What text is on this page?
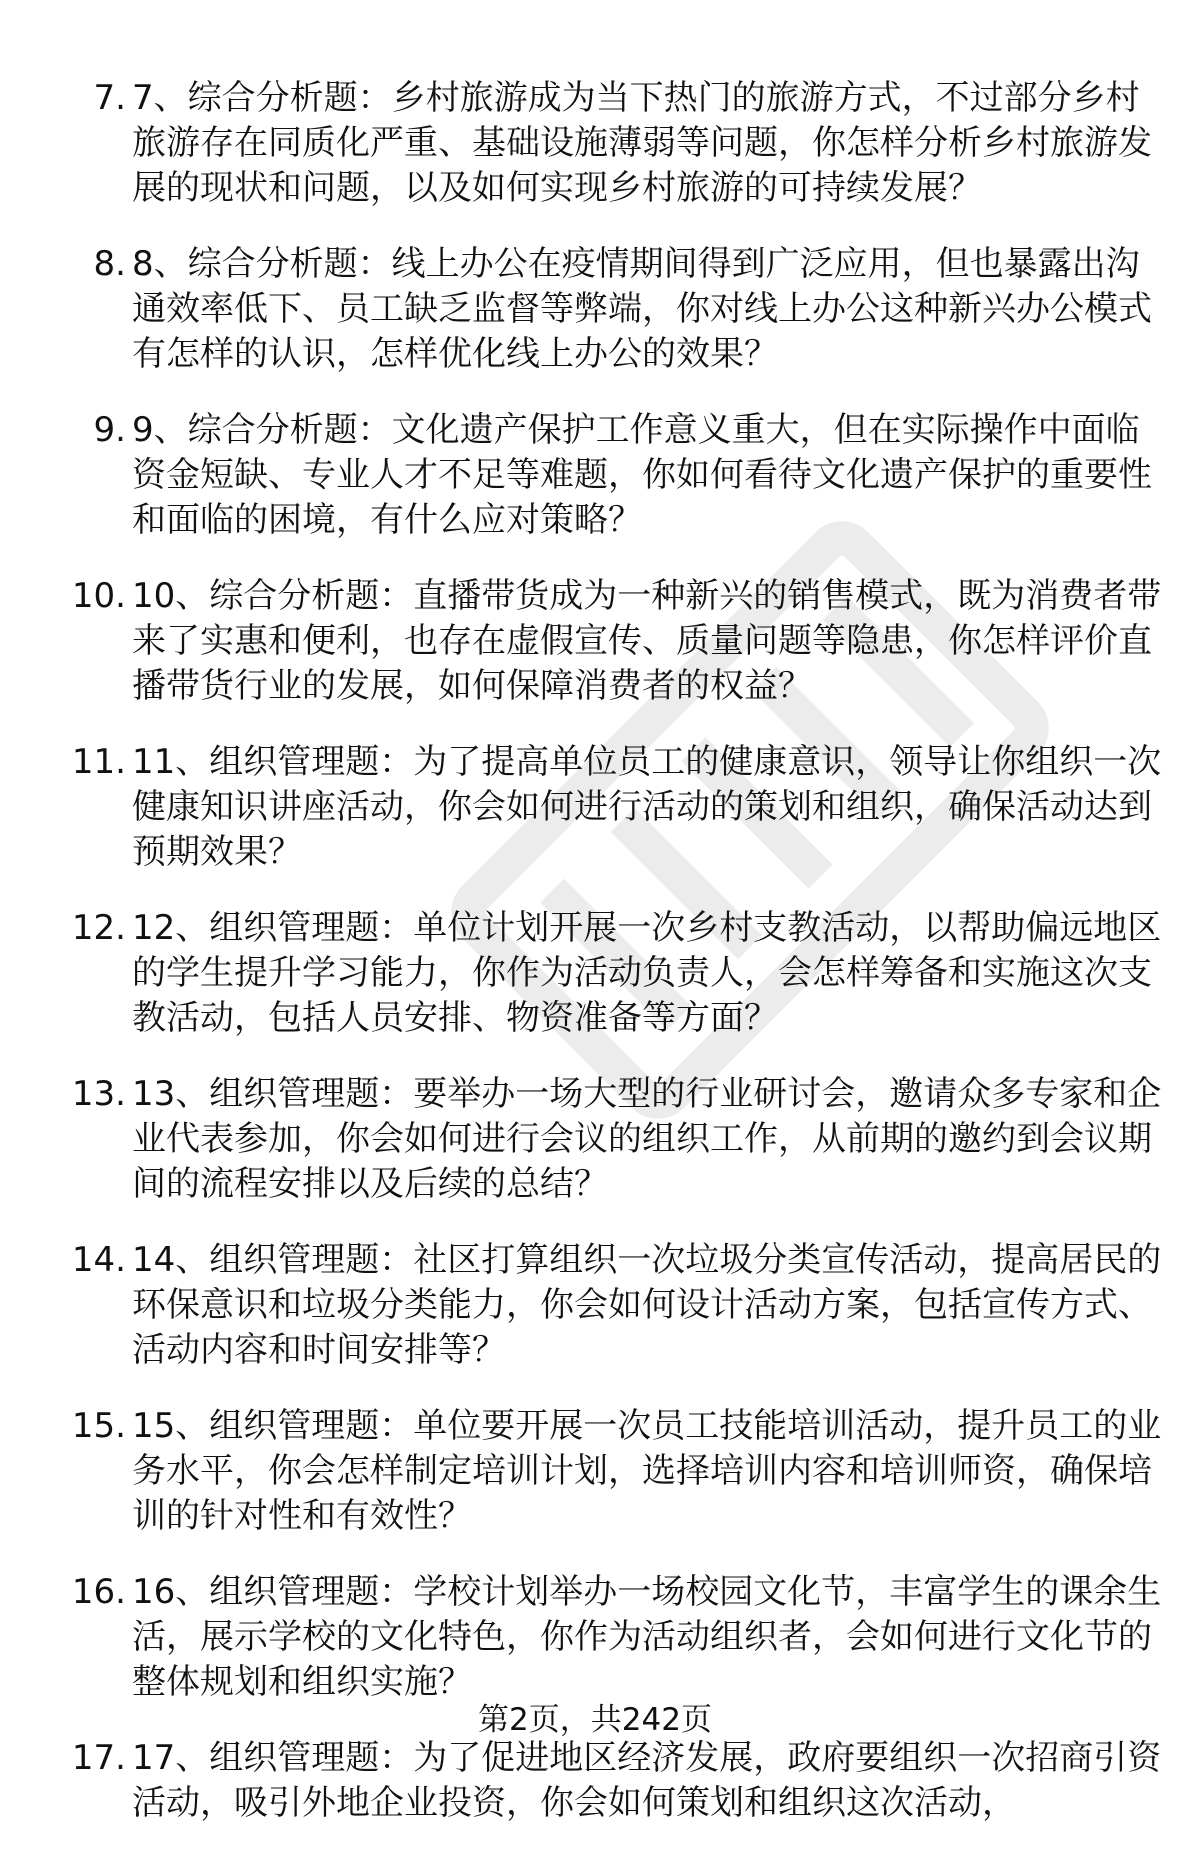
7. 7、综合分析题：乡村旅游成为当下热门的旅游方式，不过部分乡村旅游存在同质化严重、基础设施薄弱等问题，你怎样分析乡村旅游发展的现状和问题，以及如何实现乡村旅游的可持续发展？
8. 8、综合分析题：线上办公在疫情期间得到广泛应用，但也暴露出沟通效率低下、员工缺乏监督等弊端，你对线上办公这种新兴办公模式有怎样的认识，怎样优化线上办公的效果？
9. 9、综合分析题：文化遗产保护工作意义重大，但在实际操作中面临资金短缺、专业人才不足等难题，你如何看待文化遗产保护的重要性和面临的困境，有什么应对策略？
10. 10、综合分析题：直播带货成为一种新兴的销售模式，既为消费者带来了实惠和便利，也存在虚假宣传、质量问题等隐患，你怎样评价直播带货行业的发展，如何保障消费者的权益？
11. 11、组织管理题：为了提高单位员工的健康意识，领导让你组织一次健康知识讲座活动，你会如何进行活动的策划和组织，确保活动达到预期效果？
12. 12、组织管理题：单位计划开展一次乡村支教活动，以帮助偏远地区的学生提升学习能力，你作为活动负责人，会怎样筹备和实施这次支教活动，包括人员安排、物资准备等方面？
13. 13、组织管理题：要举办一场大型的行业研讨会，邀请众多专家和企业代表参加，你会如何进行会议的组织工作，从前期的邀约到会议期间的流程安排以及后续的总结？
14. 14、组织管理题：社区打算组织一次垃圾分类宣传活动，提高居民的环保意识和垃圾分类能力，你会如何设计活动方案，包括宣传方式、活动内容和时间安排等？
15. 15、组织管理题：单位要开展一次员工技能培训活动，提升员工的业务水平，你会怎样制定培训计划，选择培训内容和培训师资，确保培训的针对性和有效性？
16. 16、组织管理题：学校计划举办一场校园文化节，丰富学生的课余生活，展示学校的文化特色，你作为活动组织者，会如何进行文化节的整体规划和组织实施？
17. 17、组织管理题：为了促进地区经济发展，政府要组织一次招商引资活动，吸引外地企业投资，你会如何策划和组织这次活动，
第2页，共242页
